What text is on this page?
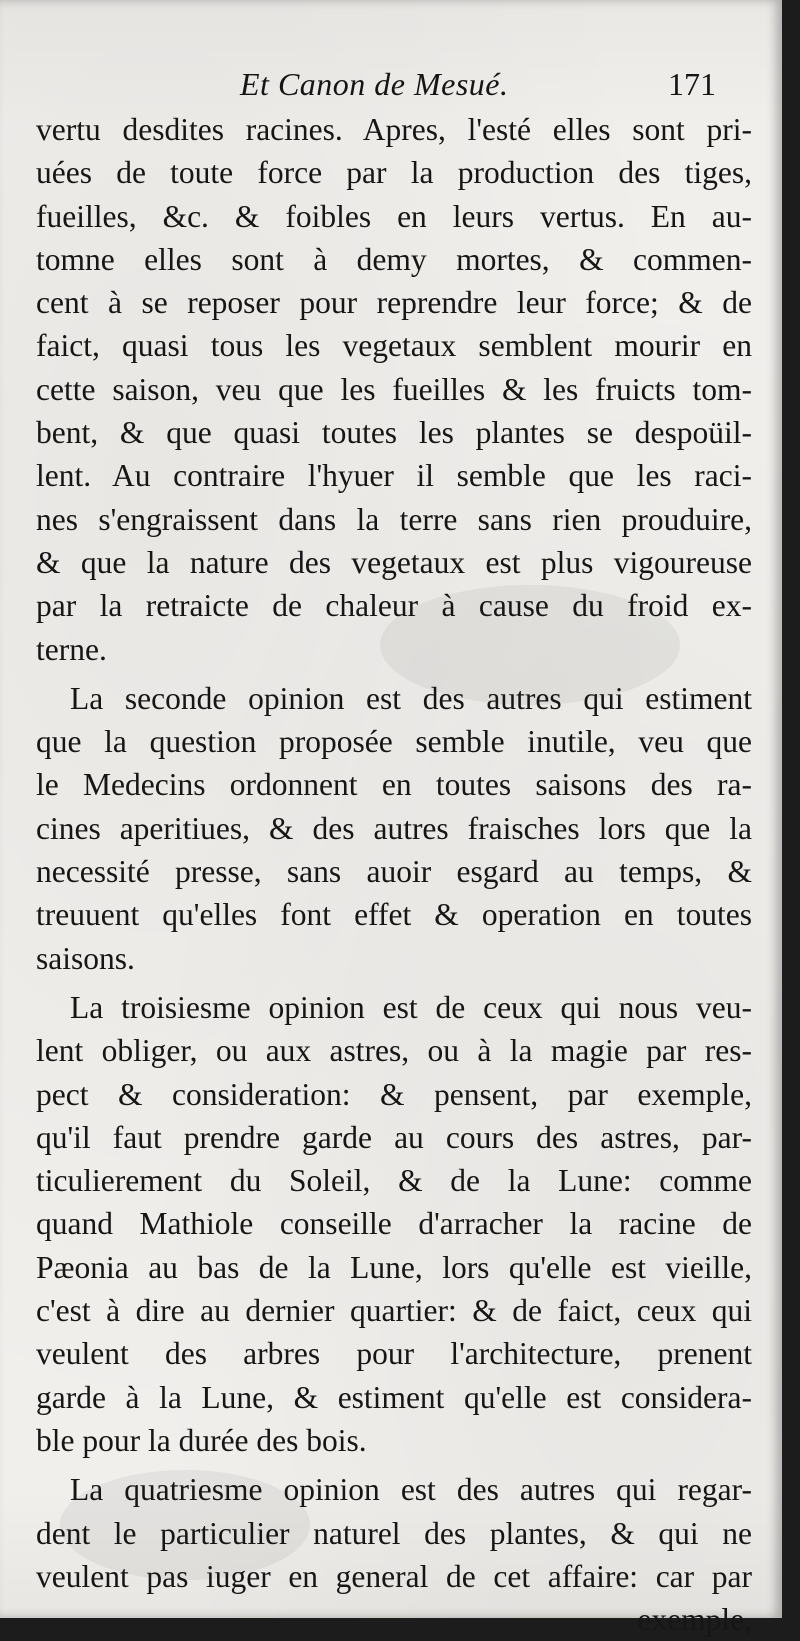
Et Canon de Mesué.	171
vertu desdites racines. Apres, l'esté elles sont pri-
uées de toute force par la production des tiges,
fueilles, &c. & foibles en leurs vertus. En au-
tomne elles sont à demy mortes, & commen-
cent à se reposer pour reprendre leur force; & de
faict, quasi tous les vegetaux semblent mourir en
cette saison, veu que les fueilles & les fruicts tom-
bent, & que quasi toutes les plantes se despoüil-
lent. Au contraire l'hyuer il semble que les raci-
nes s'engraissent dans la terre sans rien prouduire,
& que la nature des vegetaux est plus vigoureuse
par la retraicte de chaleur à cause du froid ex-
terne.
La seconde opinion est des autres qui estiment
que la question proposée semble inutile, veu que
le Medecins ordonnent en toutes saisons des ra-
cines aperitiues, & des autres fraisches lors que la
necessité presse, sans auoir esgard au temps, &
treuuent qu'elles font effet & operation en toutes
saisons.
La troisiesme opinion est de ceux qui nous veu-
lent obliger, ou aux astres, ou à la magie par res-
pect & consideration: & pensent, par exemple,
qu'il faut prendre garde au cours des astres, par-
ticulierement du Soleil, & de la Lune: comme
quand Mathiole conseille d'arracher la racine de
Pæonia au bas de la Lune, lors qu'elle est vieille,
c'est à dire au dernier quartier: & de faict, ceux qui
veulent des arbres pour l'architecture, prenent
garde à la Lune, & estiment qu'elle est considera-
ble pour la durée des bois.
La quatriesme opinion est des autres qui regar-
dent le particulier naturel des plantes, & qui ne
veulent pas iuger en general de cet affaire: car par
exemple,
